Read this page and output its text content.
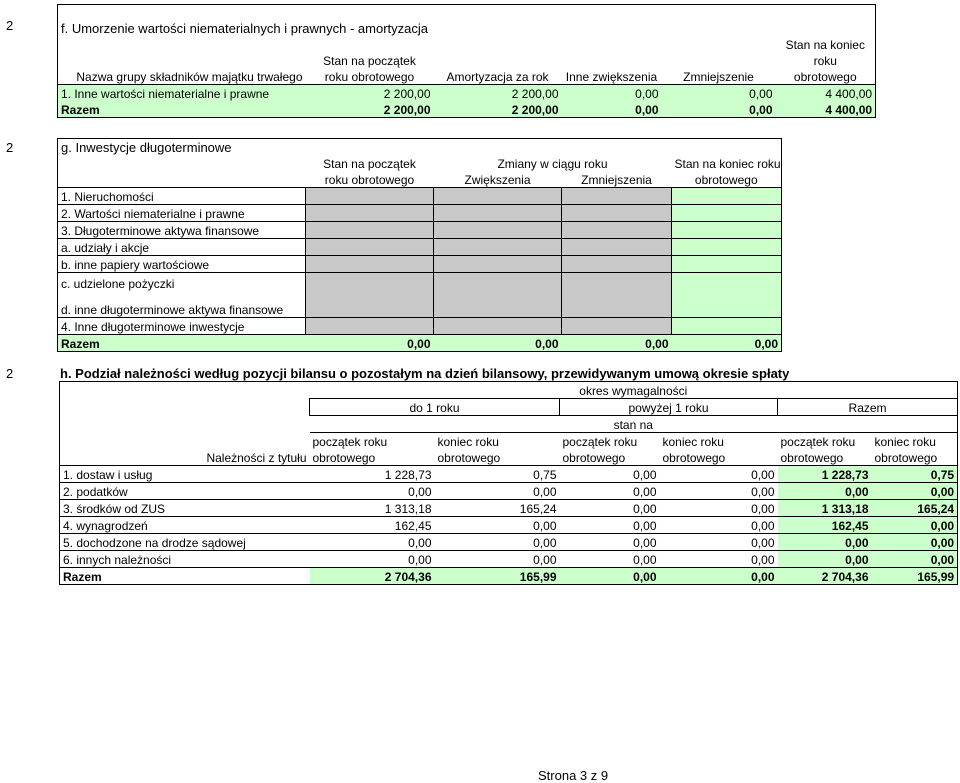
2	f. Umorzenie wartości niematerialnych i prawnych - amortyzacja					
					Stan na koniec
	Stan na początek				roku
Nazwa grupy składników majątku trwałego	roku obrotowego	Amortyzacja za rok	Inne zwiększenia	Zmniejszenie	obrotowego
1. Inne wartości niematerialne i prawne	2 200,00	2 200,00	0,00	0,00	4 400,00
Razem	2 200,00	2 200,00	0,00	0,00	4 400,00
2	g. Inwestycje długoterminowe				
	Stan na początek	Zmiany w ciągu roku		Stan na koniec roku
	roku obrotowego	Zwiększenia	Zmniejszenia	obrotowego
1. Nieruchomości				
2. Wartości niematerialne i prawne				
3. Długoterminowe aktywa finansowe				
a. udziały i akcje				
b. inne papiery wartościowe				
c. udzielone pożyczki				
d. inne długoterminowe aktywa finansowe				
4. Inne długoterminowe inwestycje				
Razem	0,00	0,00	0,00	0,00
2	h. Podział należności według pozycji bilansu o pozostałym na dzień bilansowy, przewidywanym umową okresie spłaty
	okres wymagalności					
	do 1 roku		powyżej 1 roku		Razem	
	stan na					
	początek roku	koniec roku	początek roku	koniec roku	początek roku	koniec roku
Należności z tytułu	obrotowego	obrotowego	obrotowego	obrotowego	obrotowego	obrotowego
1. dostaw i usług	1 228,73	0,75	0,00	0,00	1 228,73	0,75
2. podatków	0,00	0,00	0,00	0,00	0,00	0,00
3. środków od ZUS	1 313,18	165,24	0,00	0,00	1 313,18	165,24
4. wynagrodzeń	162,45	0,00	0,00	0,00	162,45	0,00
5. dochodzone na drodze sądowej	0,00	0,00	0,00	0,00	0,00	0,00
6. innych należności	0,00	0,00	0,00	0,00	0,00	0,00
Razem	2 704,36	165,99	0,00	0,00	2 704,36	165,99
Strona 3 z 9
